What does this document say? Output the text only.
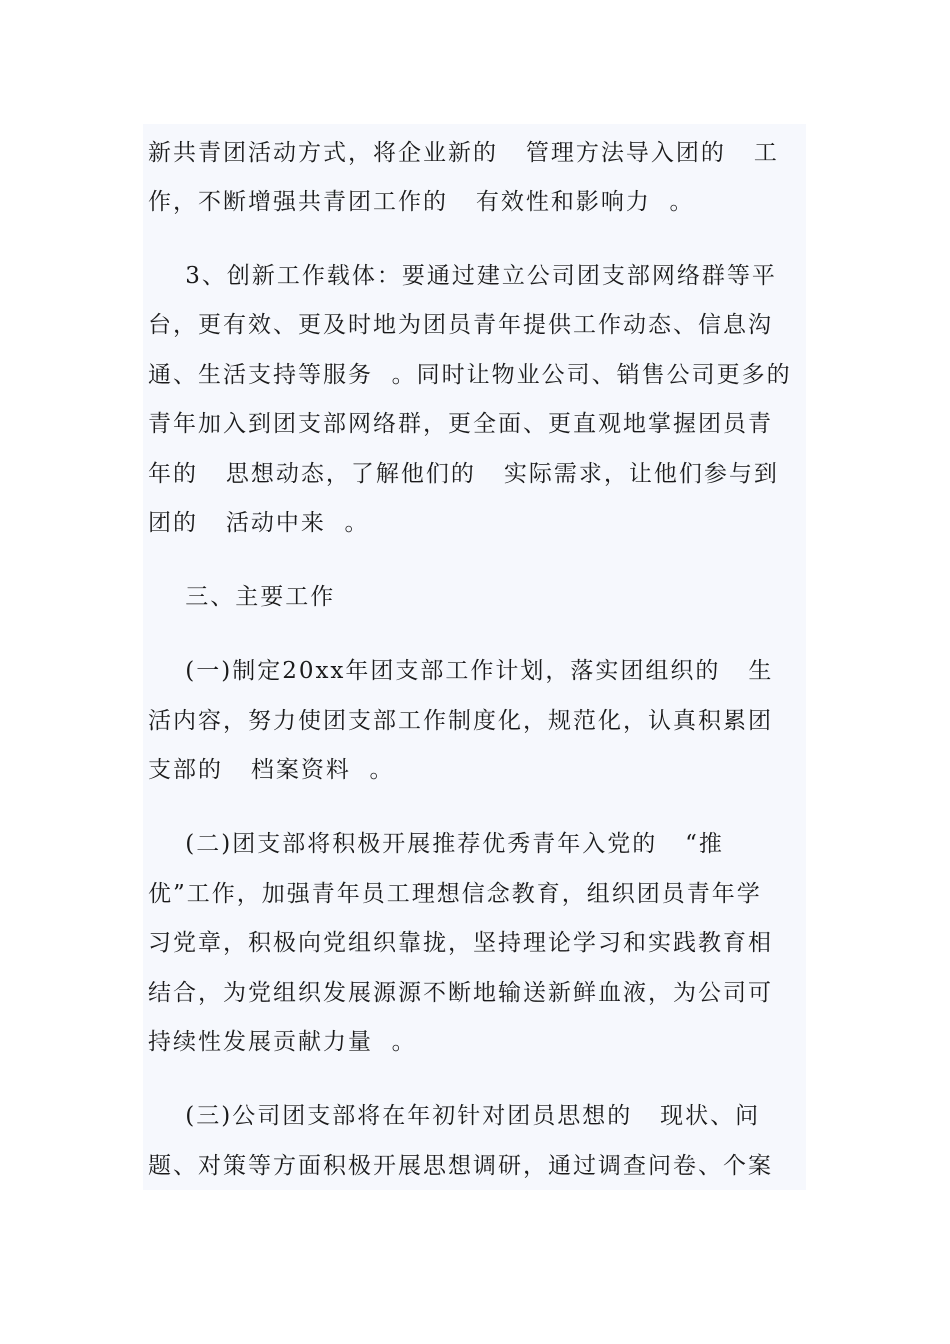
新共青团活动方式，将企业新的   管理方法导入团的   工
作，不断增强共青团工作的   有效性和影响力  。
3、创新工作载体：要通过建立公司团支部网络群等平
台，更有效、更及时地为团员青年提供工作动态、信息沟
通、生活支持等服务  。同时让物业公司、销售公司更多的
青年加入到团支部网络群，更全面、更直观地掌握团员青
年的   思想动态，了解他们的   实际需求，让他们参与到
团的   活动中来  。
三、主要工作
(一)制定20xx年团支部工作计划，落实团组织的   生
活内容，努力使团支部工作制度化，规范化，认真积累团
支部的   档案资料  。
(二)团支部将积极开展推荐优秀青年入党的   “推
优”工作，加强青年员工理想信念教育，组织团员青年学
习党章，积极向党组织靠拢，坚持理论学习和实践教育相
结合，为党组织发展源源不断地输送新鲜血液，为公司可
持续性发展贡献力量  。
(三)公司团支部将在年初针对团员思想的   现状、问
题、对策等方面积极开展思想调研，通过调查问卷、个案
